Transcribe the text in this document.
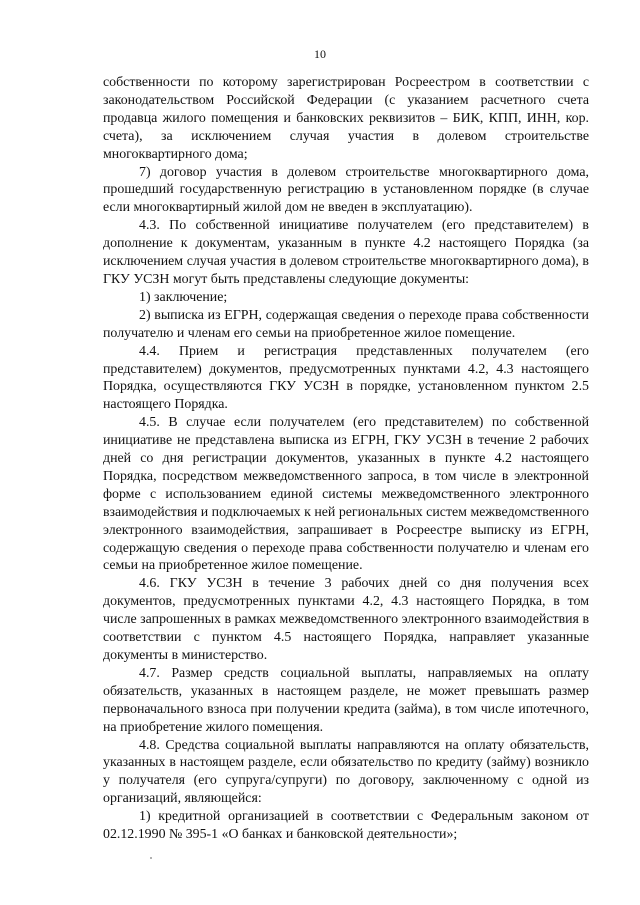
10

собственности по которому зарегистрирован Росреестром в соответствии с законодательством Российской Федерации (с указанием расчетного счета продавца жилого помещения и банковских реквизитов – БИК, КПП, ИНН, кор. счета), за исключением случая участия в долевом строительстве многоквартирного дома;

7) договор участия в долевом строительстве многоквартирного дома, прошедший государственную регистрацию в установленном порядке (в случае если многоквартирный жилой дом не введен в эксплуатацию).

4.3. По собственной инициативе получателем (его представителем) в дополнение к документам, указанным в пункте 4.2 настоящего Порядка (за исключением случая участия в долевом строительстве многоквартирного дома), в ГКУ УСЗН могут быть представлены следующие документы:

1) заключение;

2) выписка из ЕГРН, содержащая сведения о переходе права собственности получателю и членам его семьи на приобретенное жилое помещение.

4.4. Прием и регистрация представленных получателем (его представителем) документов, предусмотренных пунктами 4.2, 4.3 настоящего Порядка, осуществляются ГКУ УСЗН в порядке, установленном пунктом 2.5 настоящего Порядка.

4.5. В случае если получателем (его представителем) по собственной инициативе не представлена выписка из ЕГРН, ГКУ УСЗН в течение 2 рабочих дней со дня регистрации документов, указанных в пункте 4.2 настоящего Порядка, посредством межведомственного запроса, в том числе в электронной форме с использованием единой системы межведомственного электронного взаимодействия и подключаемых к ней региональных систем межведомственного электронного взаимодействия, запрашивает в Росреестре выписку из ЕГРН, содержащую сведения о переходе права собственности получателю и членам его семьи на приобретенное жилое помещение.

4.6. ГКУ УСЗН в течение 3 рабочих дней со дня получения всех документов, предусмотренных пунктами 4.2, 4.3 настоящего Порядка, в том числе запрошенных в рамках межведомственного электронного взаимодействия в соответствии с пунктом 4.5 настоящего Порядка, направляет указанные документы в министерство.

4.7. Размер средств социальной выплаты, направляемых на оплату обязательств, указанных в настоящем разделе, не может превышать размер первоначального взноса при получении кредита (займа), в том числе ипотечного, на приобретение жилого помещения.

4.8. Средства социальной выплаты направляются на оплату обязательств, указанных в настоящем разделе, если обязательство по кредиту (займу) возникло у получателя (его супруга/супруги) по договору, заключенному с одной из организаций, являющейся:

1) кредитной организацией в соответствии с Федеральным законом от 02.12.1990 № 395-1 «О банках и банковской деятельности»;
